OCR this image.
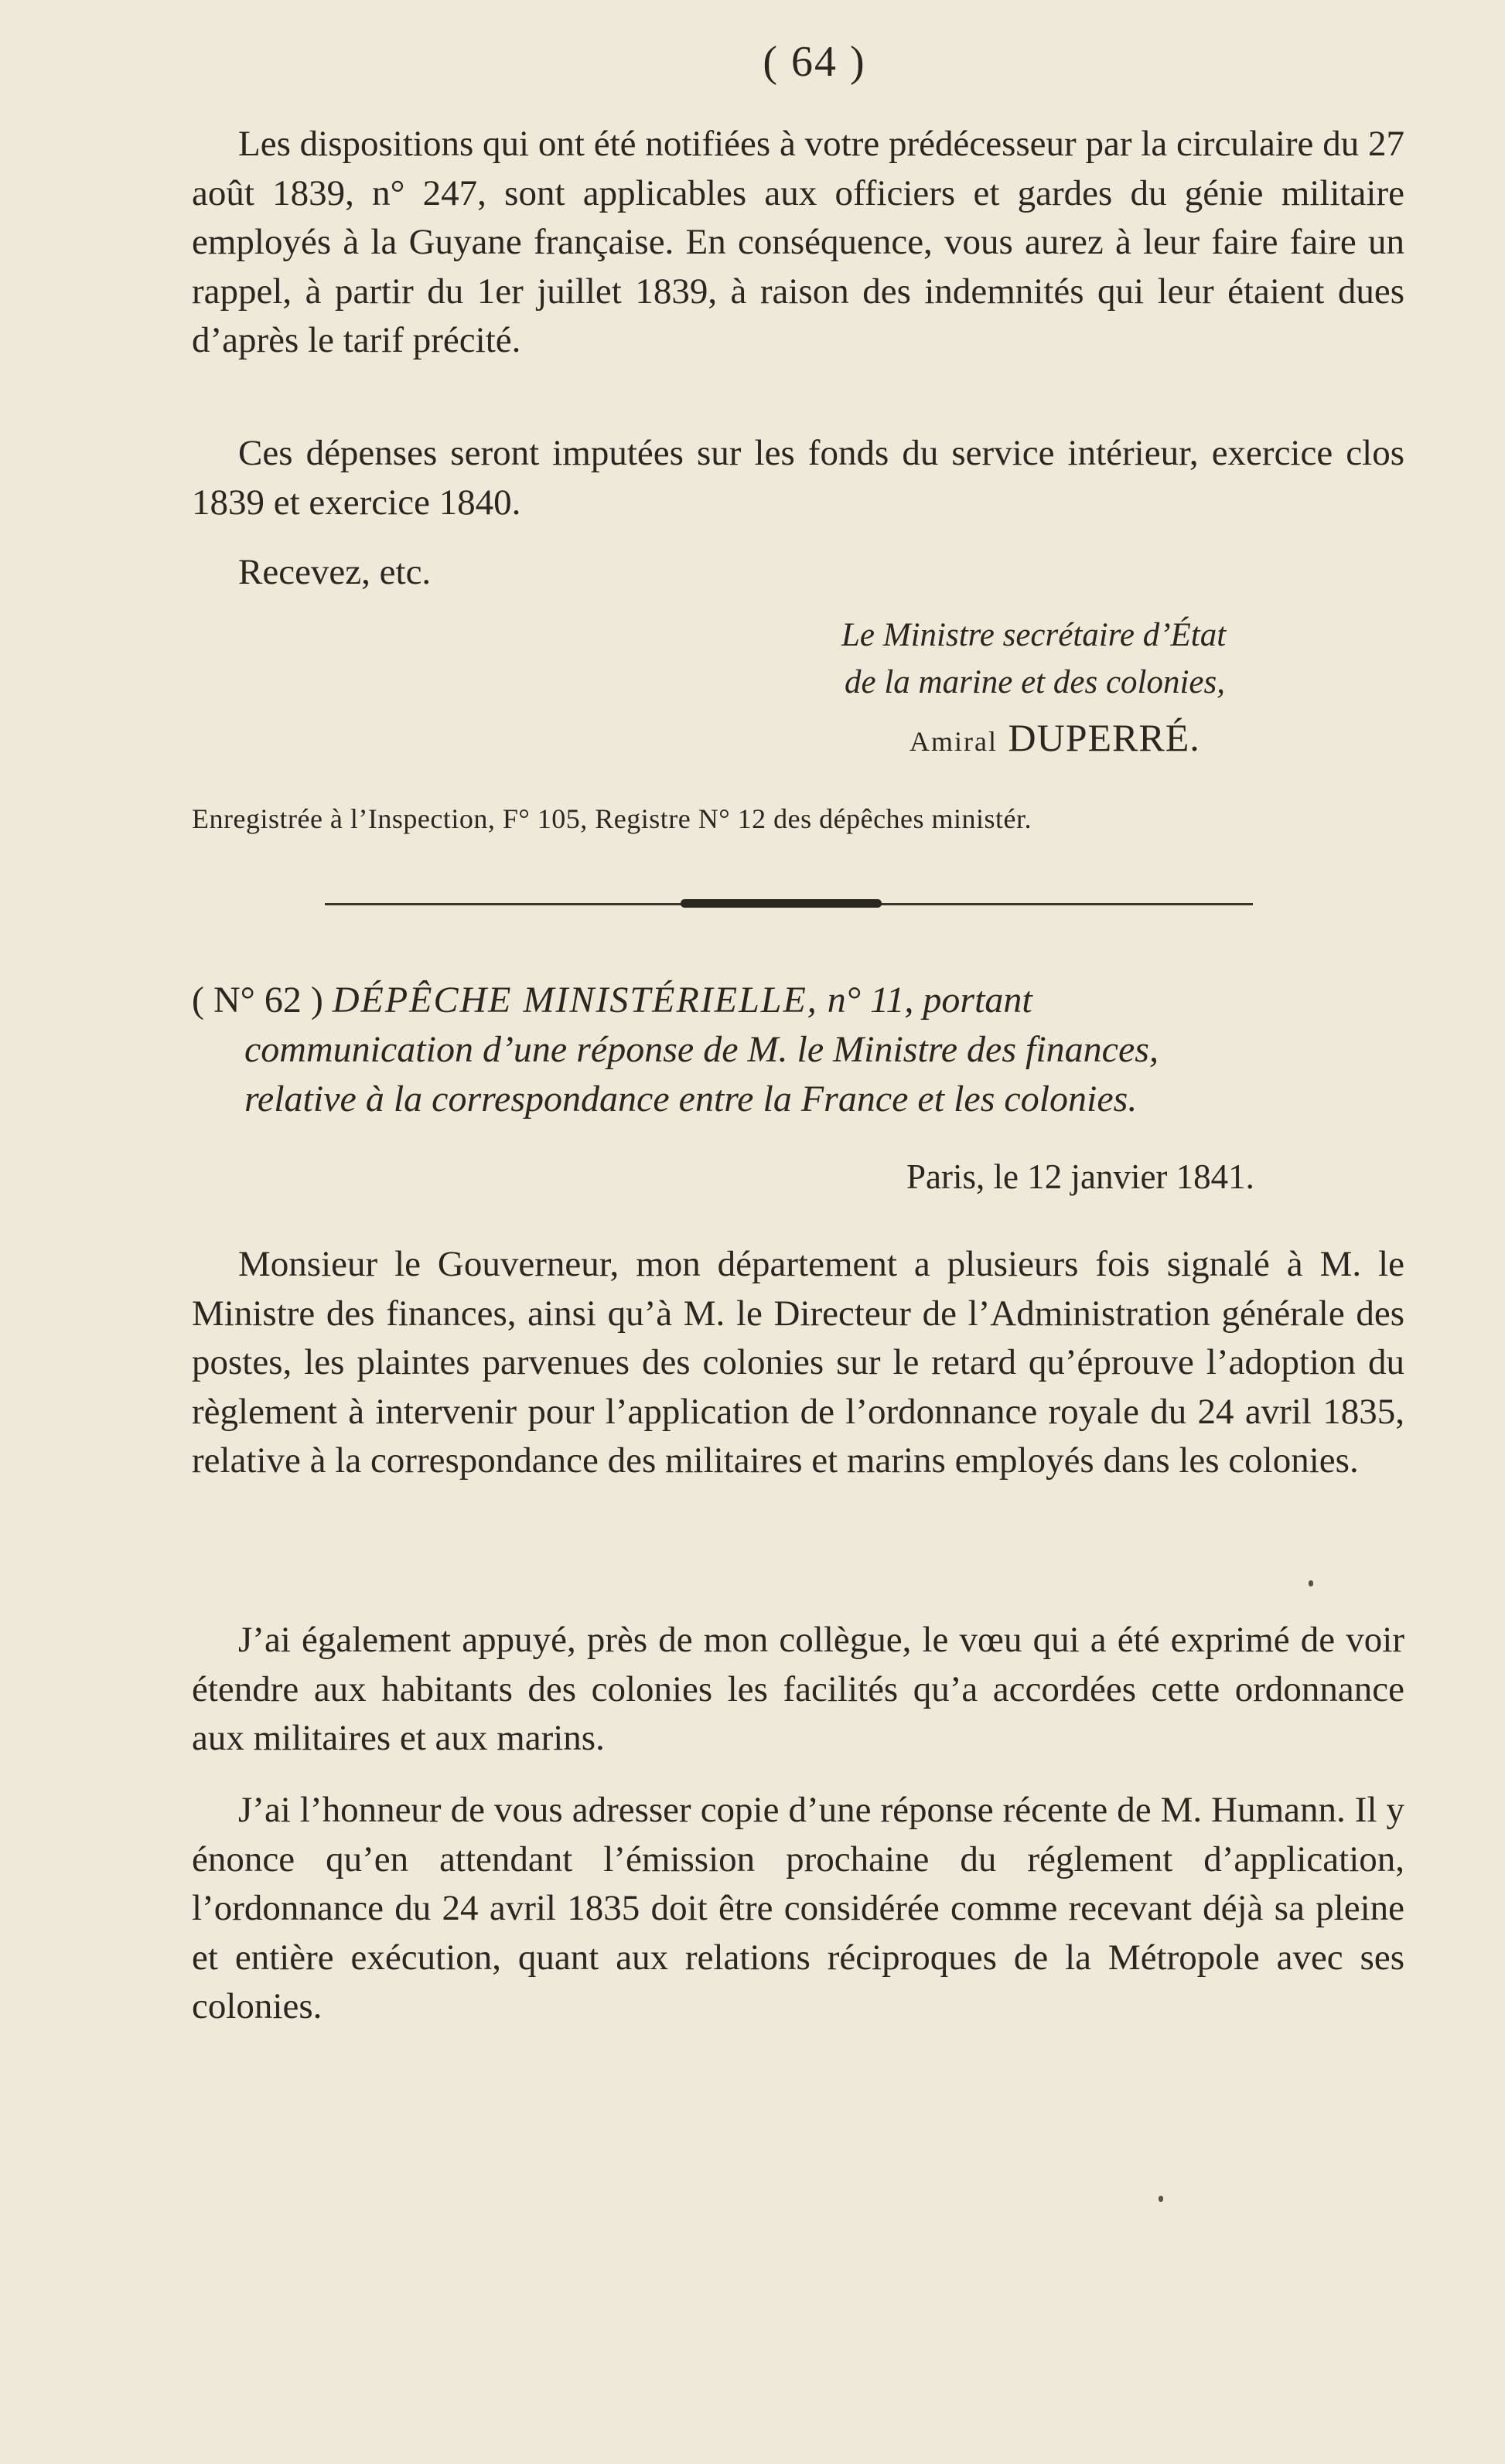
( 64 )

Les dispositions qui ont été notifiées à votre prédécesseur par la circulaire du 27 août 1839, n° 247, sont applicables aux officiers et gardes du génie militaire employés à la Guyane française. En conséquence, vous aurez à leur faire faire un rappel, à partir du 1er juillet 1839, à raison des indemnités qui leur étaient dues d’après le tarif précité.

Ces dépenses seront imputées sur les fonds du service intérieur, exercice clos 1839 et exercice 1840.

Recevez, etc.
Le Ministre secrétaire d’État
de la marine et des colonies,
Amiral DUPERRÉ.
Enregistrée à l’Inspection, F° 105, Registre N° 12 des dépêches ministér.
( N° 62 ) DÉPÊCHE MINISTÉRIELLE, n° 11, portant
communication d’une réponse de M. le Ministre des finances,
relative à la correspondance entre la France et les colonies.
Paris, le 12 janvier 1841.

Monsieur le Gouverneur, mon département a plusieurs fois signalé à M. le Ministre des finances, ainsi qu’à M. le Directeur de l’Administration générale des postes, les plaintes parvenues des colonies sur le retard qu’éprouve l’adoption du règlement à intervenir pour l’application de l’ordonnance royale du 24 avril 1835, relative à la correspondance des militaires et marins employés dans les colonies.

J’ai également appuyé, près de mon collègue, le vœu qui a été exprimé de voir étendre aux habitants des colonies les facilités qu’a accordées cette ordonnance aux militaires et aux marins.

J’ai l’honneur de vous adresser copie d’une réponse récente de M. Humann. Il y énonce qu’en attendant l’émission prochaine du réglement d’application, l’ordonnance du 24 avril 1835 doit être considérée comme recevant déjà sa pleine et entière exécution, quant aux relations réciproques de la Métropole avec ses colonies.
